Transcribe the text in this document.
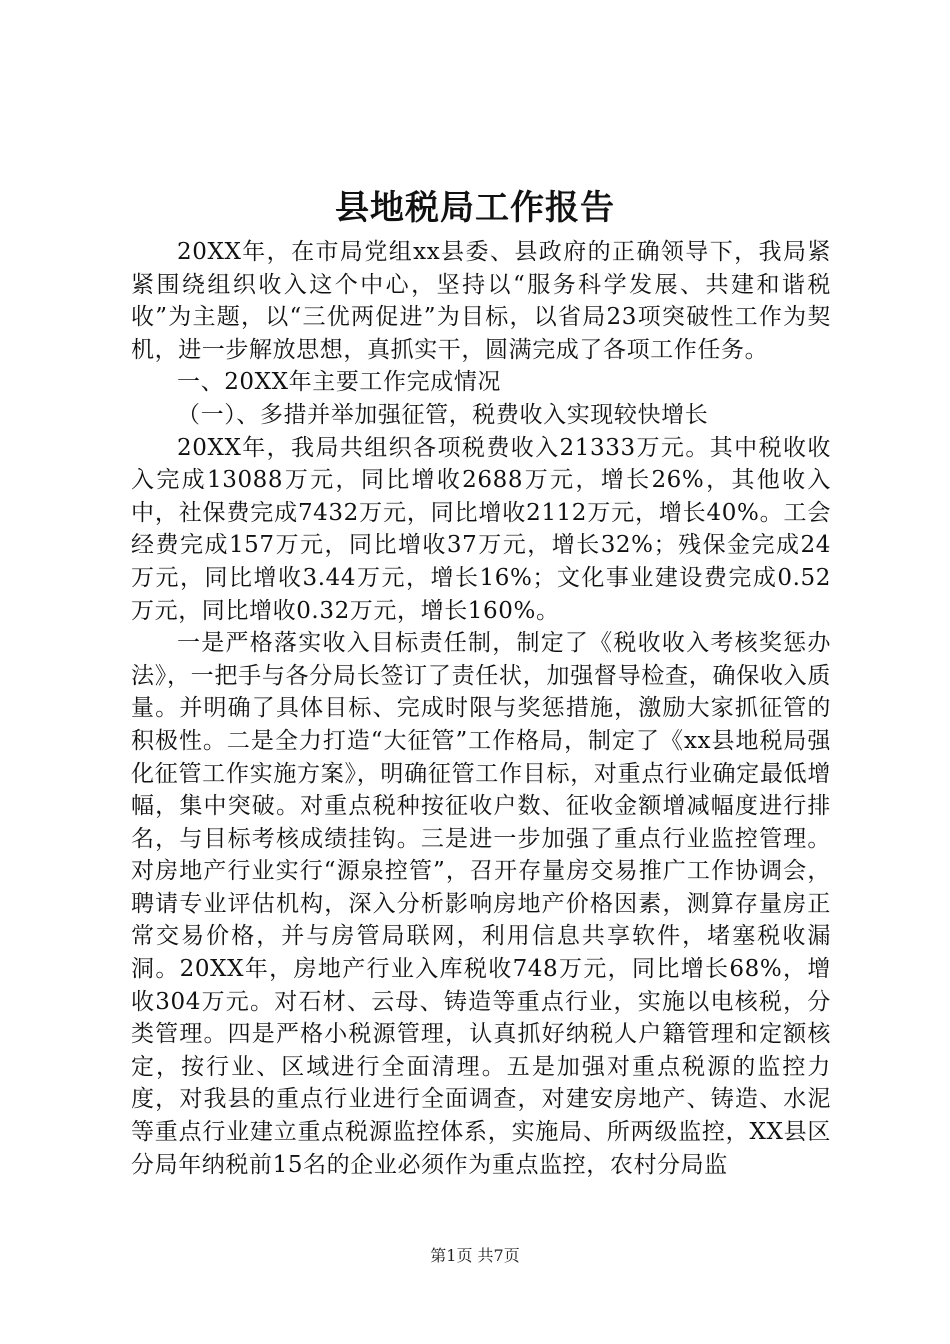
县地税局工作报告

20XX年，在市局党组xx县委、县政府的正确领导下，我局紧紧围绕组织收入这个中心，坚持以“服务科学发展、共建和谐税收”为主题，以“三优两促进”为目标，以省局23项突破性工作为契机，进一步解放思想，真抓实干，圆满完成了各项工作任务。

一、20XX年主要工作完成情况

（一）、多措并举加强征管，税费收入实现较快增长

20XX年，我局共组织各项税费收入21333万元。其中税收收入完成13088万元，同比增收2688万元，增长26%，其他收入中，社保费完成7432万元，同比增收2112万元，增长40%。工会经费完成157万元，同比增收37万元，增长32%；残保金完成24万元，同比增收3.44万元，增长16%；文化事业建设费完成0.52万元，同比增收0.32万元，增长160%。

一是严格落实收入目标责任制，制定了《税收收入考核奖惩办法》，一把手与各分局长签订了责任状，加强督导检查，确保收入质量。并明确了具体目标、完成时限与奖惩措施，激励大家抓征管的积极性。二是全力打造“大征管”工作格局，制定了《xx县地税局强化征管工作实施方案》，明确征管工作目标，对重点行业确定最低增幅，集中突破。对重点税种按征收户数、征收金额增减幅度进行排名，与目标考核成绩挂钩。三是进一步加强了重点行业监控管理。对房地产行业实行“源泉控管”，召开存量房交易推广工作协调会，聘请专业评估机构，深入分析影响房地产价格因素，测算存量房正常交易价格，并与房管局联网，利用信息共享软件，堵塞税收漏洞。20XX年，房地产行业入库税收748万元，同比增长68%，增收304万元。对石材、云母、铸造等重点行业，实施以电核税，分类管理。四是严格小税源管理，认真抓好纳税人户籍管理和定额核定，按行业、区域进行全面清理。五是加强对重点税源的监控力度，对我县的重点行业进行全面调查，对建安房地产、铸造、水泥等重点行业建立重点税源监控体系，实施局、所两级监控，XX县区分局年纳税前15名的企业必须作为重点监控，农村分局监

第1页 共7页
